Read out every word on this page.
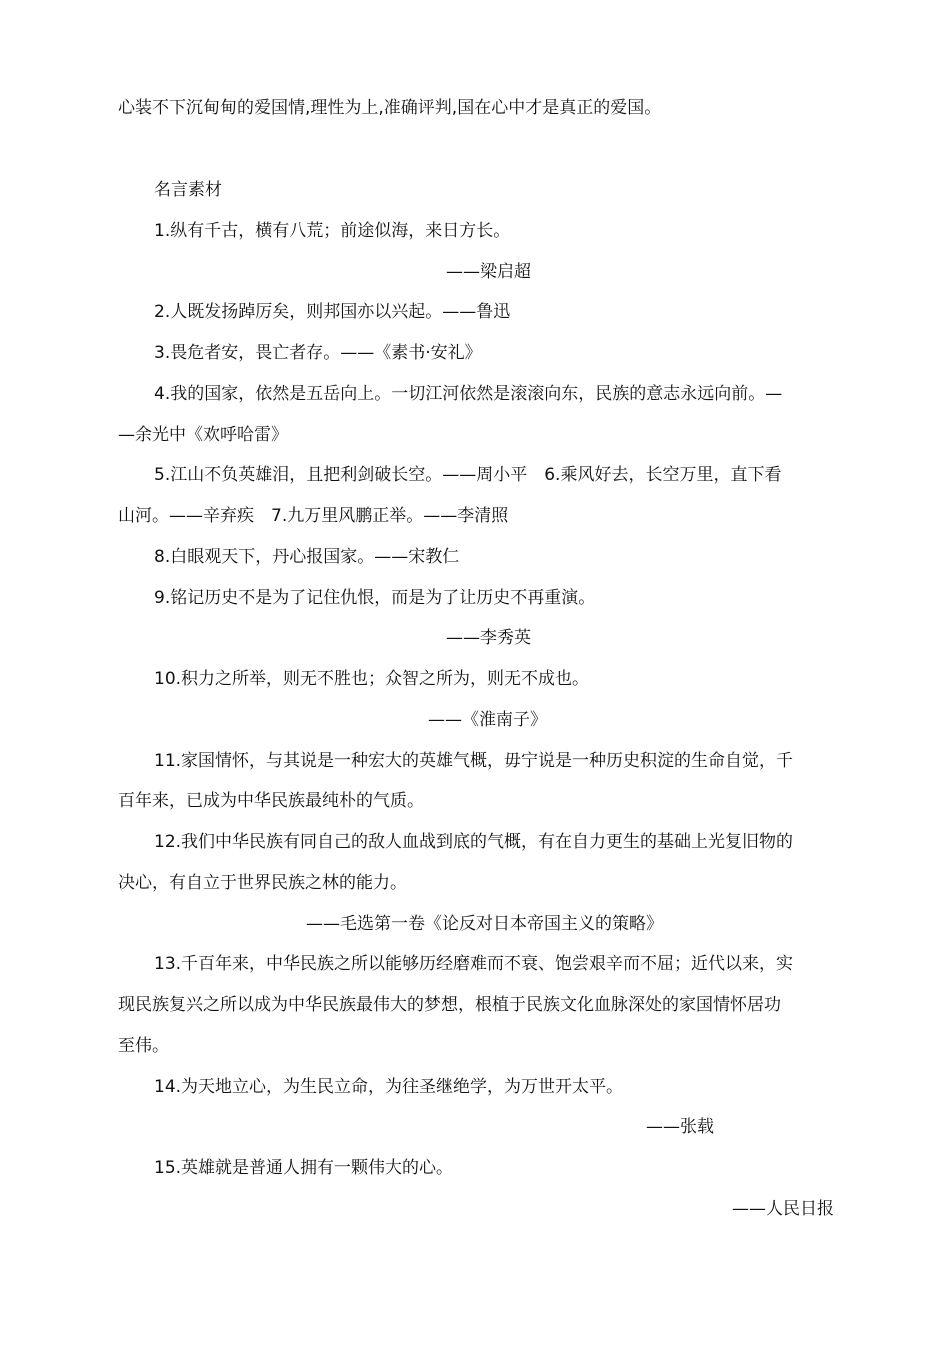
心装不下沉甸甸的爱国情,理性为上,准确评判,国在心中才是真正的爱国。
名言素材
1.纵有千古，横有八荒；前途似海，来日方长。
——梁启超
2.人既发扬踔厉矣，则邦国亦以兴起。——鲁迅
3.畏危者安，畏亡者存。——《素书·安礼》
4.我的国家，依然是五岳向上。一切江河依然是滚滚向东，民族的意志永远向前。—
—余光中《欢呼哈雷》
5.江山不负英雄泪，且把利剑破长空。——周小平　6.乘风好去，长空万里，直下看
山河。——辛弃疾　7.九万里风鹏正举。——李清照
8.白眼观天下，丹心报国家。——宋教仁
9.铭记历史不是为了记住仇恨，而是为了让历史不再重演。
——李秀英
10.积力之所举，则无不胜也；众智之所为，则无不成也。
——《淮南子》
11.家国情怀，与其说是一种宏大的英雄气概，毋宁说是一种历史积淀的生命自觉，千
百年来，已成为中华民族最纯朴的气质。
12.我们中华民族有同自己的敌人血战到底的气概，有在自力更生的基础上光复旧物的
决心，有自立于世界民族之林的能力。
——毛选第一卷《论反对日本帝国主义的策略》
13.千百年来，中华民族之所以能够历经磨难而不衰、饱尝艰辛而不屈；近代以来，实
现民族复兴之所以成为中华民族最伟大的梦想，根植于民族文化血脉深处的家国情怀居功
至伟。
14.为天地立心，为生民立命，为往圣继绝学，为万世开太平。
——张载
15.英雄就是普通人拥有一颗伟大的心。
——人民日报
